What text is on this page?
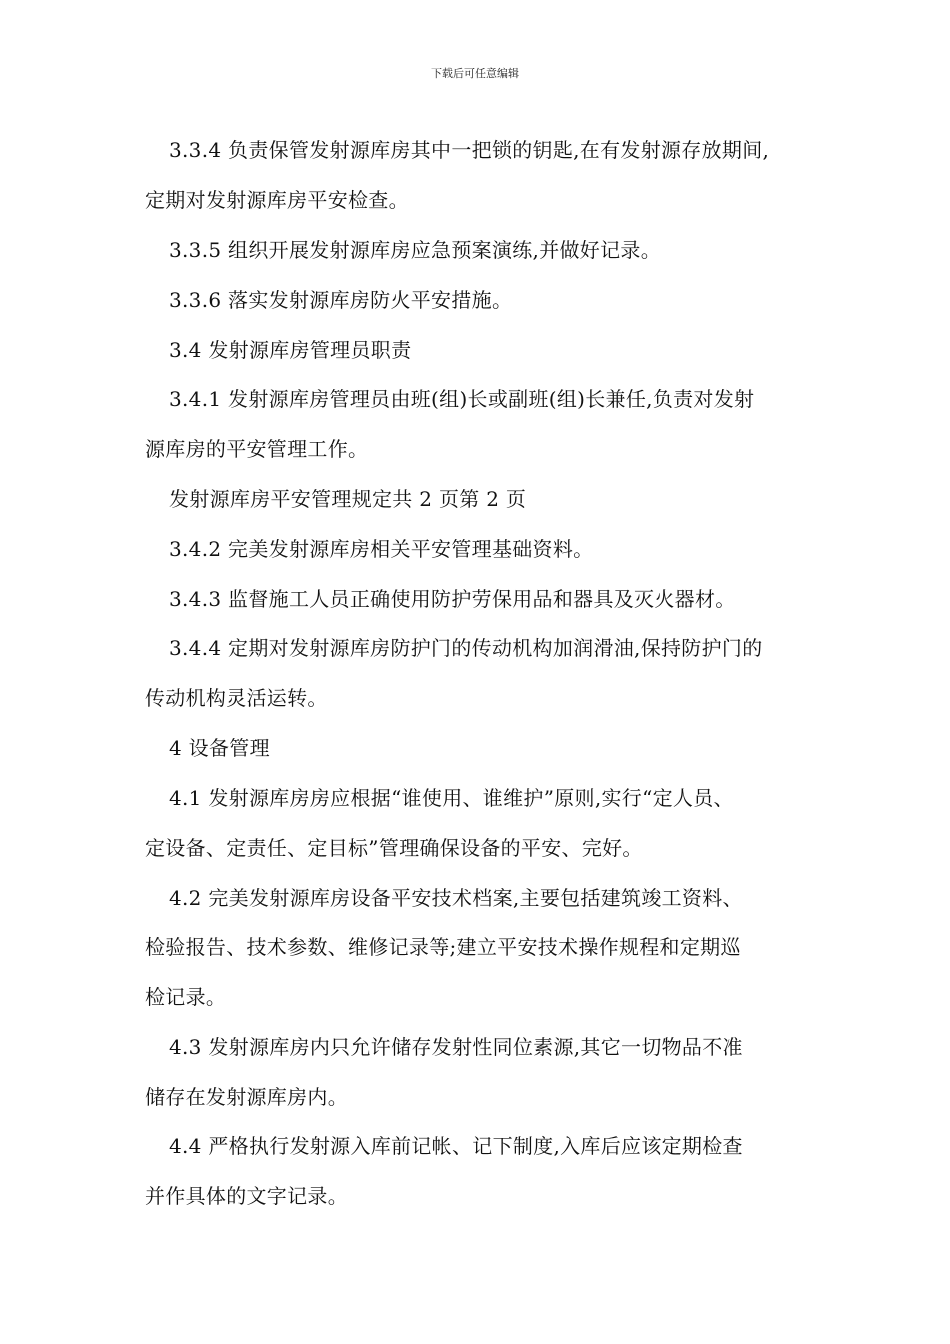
下载后可任意编辑
3.3.4 负责保管发射源库房其中一把锁的钥匙,在有发射源存放期间,
定期对发射源库房平安检查。
3.3.5 组织开展发射源库房应急预案演练,并做好记录。
3.3.6 落实发射源库房防火平安措施。
3.4 发射源库房管理员职责
3.4.1 发射源库房管理员由班(组)长或副班(组)长兼任,负责对发射
源库房的平安管理工作。
发射源库房平安管理规定共 2 页第 2 页
3.4.2 完美发射源库房相关平安管理基础资料。
3.4.3 监督施工人员正确使用防护劳保用品和器具及灭火器材。
3.4.4 定期对发射源库房防护门的传动机构加润滑油,保持防护门的
传动机构灵活运转。
4 设备管理
4.1 发射源库房房应根据“谁使用、谁维护”原则,实行“定人员、
定设备、定责任、定目标”管理确保设备的平安、完好。
4.2 完美发射源库房设备平安技术档案,主要包括建筑竣工资料、
检验报告、技术参数、维修记录等;建立平安技术操作规程和定期巡
检记录。
4.3 发射源库房内只允许储存发射性同位素源,其它一切物品不准
储存在发射源库房内。
4.4 严格执行发射源入库前记帐、记下制度,入库后应该定期检查
并作具体的文字记录。
